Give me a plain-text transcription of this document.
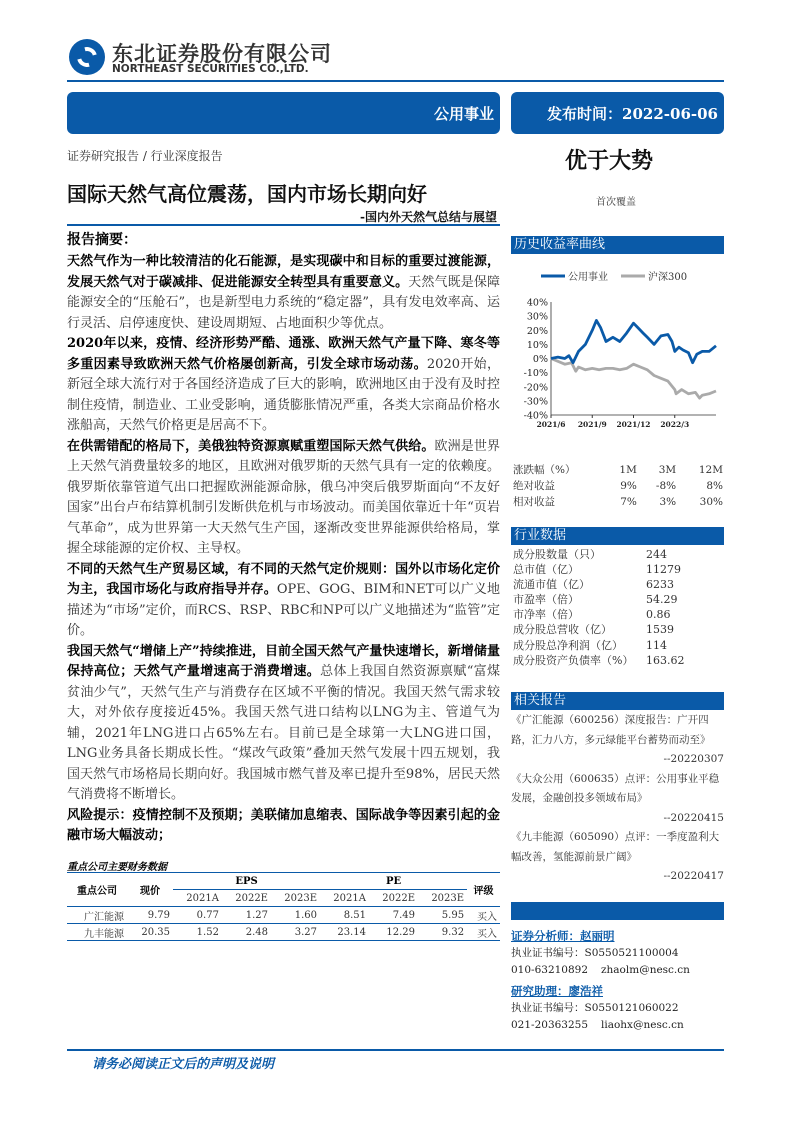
东北证券股份有限公司
NORTHEAST SECURITIES CO.,LTD.
公用事业	发布时间：2022-06-06
证券研究报告 / 行业深度报告	优于大势
首次覆盖
国际天然气高位震荡，国内市场长期向好
-国内外天然气总结与展望
报告摘要：
天然气作为一种比较清洁的化石能源，是实现碳中和目标的重要过渡能源，发展天然气对于碳减排、促进能源安全转型具有重要意义。天然气既是保障能源安全的“压舱石”，也是新型电力系统的“稳定器”，具有发电效率高、运行灵活、启停速度快、建设周期短、占地面积少等优点。
2020年以来，疫情、经济形势严酷、通涨、欧洲天然气产量下降、寒冬等多重因素导致欧洲天然气价格屡创新高，引发全球市场动荡。2020开始，新冠全球大流行对于各国经济造成了巨大的影响，欧洲地区由于没有及时控制住疫情，制造业、工业受影响，通货膨胀情况严重，各类大宗商品价格水涨船高，天然气价格更是居高不下。
在供需错配的格局下，美俄独特资源禀赋重塑国际天然气供给。欧洲是世界上天然气消费量较多的地区，且欧洲对俄罗斯的天然气具有一定的依赖度。俄罗斯依靠管道气出口把握欧洲能源命脉，俄乌冲突后俄罗斯面向“不友好国家”出台卢布结算机制引发断供危机与市场波动。而美国依靠近十年“页岩气革命”，成为世界第一大天然气生产国，逐渐改变世界能源供给格局，掌握全球能源的定价权、主导权。
不同的天然气生产贸易区域，有不同的天然气定价规则：国外以市场化定价为主，我国市场化与政府指导并存。OPE、GOG、BIM和NET可以广义地描述为“市场”定价，而RCS、RSP、RBC和NP可以广义地描述为“监管”定价。
我国天然气“增储上产”持续推进，目前全国天然气产量快速增长，新增储量保持高位；天然气产量增速高于消费增速。总体上我国自然资源禀赋“富煤贫油少气”，天然气生产与消费存在区域不平衡的情况。我国天然气需求较大，对外依存度接近45%。我国天然气进口结构以LNG为主、管道气为辅，2021年LNG进口占65%左右。目前已是全球第一大LNG进口国，LNG业务具备长期成长性。“煤改气政策”叠加天然气发展十四五规划，我国天然气市场格局长期向好。我国城市燃气普及率已提升至98%，居民天然气消费将不断增长。
风险提示：疫情控制不及预期；美联储加息缩表、国际战争等因素引起的金融市场大幅波动；
重点公司主要财务数据
重点公司	现价	EPS			PE			评级
		2021A	2022E	2023E	2021A	2022E	2023E	
广汇能源	9.79	0.77	1.27	1.60	8.51	7.49	5.95	买入
九丰能源	20.35	1.52	2.48	3.27	23.14	12.29	9.32	买入
历史收益率曲线
公用事业	沪深300
40%
30%
20%
10%
0%
-10%
-20%
-30%
-40%
2021/6 2021/9 2021/12 2022/3
涨跌幅（%）	1M	3M	12M
绝对收益	9%	-8%	8%
相对收益	7%	3%	30%
行业数据
成分股数量（只）	244
总市值（亿）	11279
流通市值（亿）	6233
市盈率（倍）	54.29
市净率（倍）	0.86
成分股总营收（亿）	1539
成分股总净利润（亿）	114
成分股资产负债率（%）	163.62
相关报告
《广汇能源（600256）深度报告：广开四路，汇力八方，多元绿能平台蓄势而动至》
--20220307
《大众公用（600635）点评：公用事业平稳发展，金融创投多领域布局》
--20220415
《九丰能源（605090）点评：一季度盈利大幅改善，氢能源前景广阔》
--20220417
证券分析师：赵丽明
执业证书编号：S0550521100004
010-63210892 zhaolm@nesc.cn
研究助理：廖浩祥
执业证书编号：S0550121060022
021-20363255 liaohx@nesc.cn
请务必阅读正文后的声明及说明
